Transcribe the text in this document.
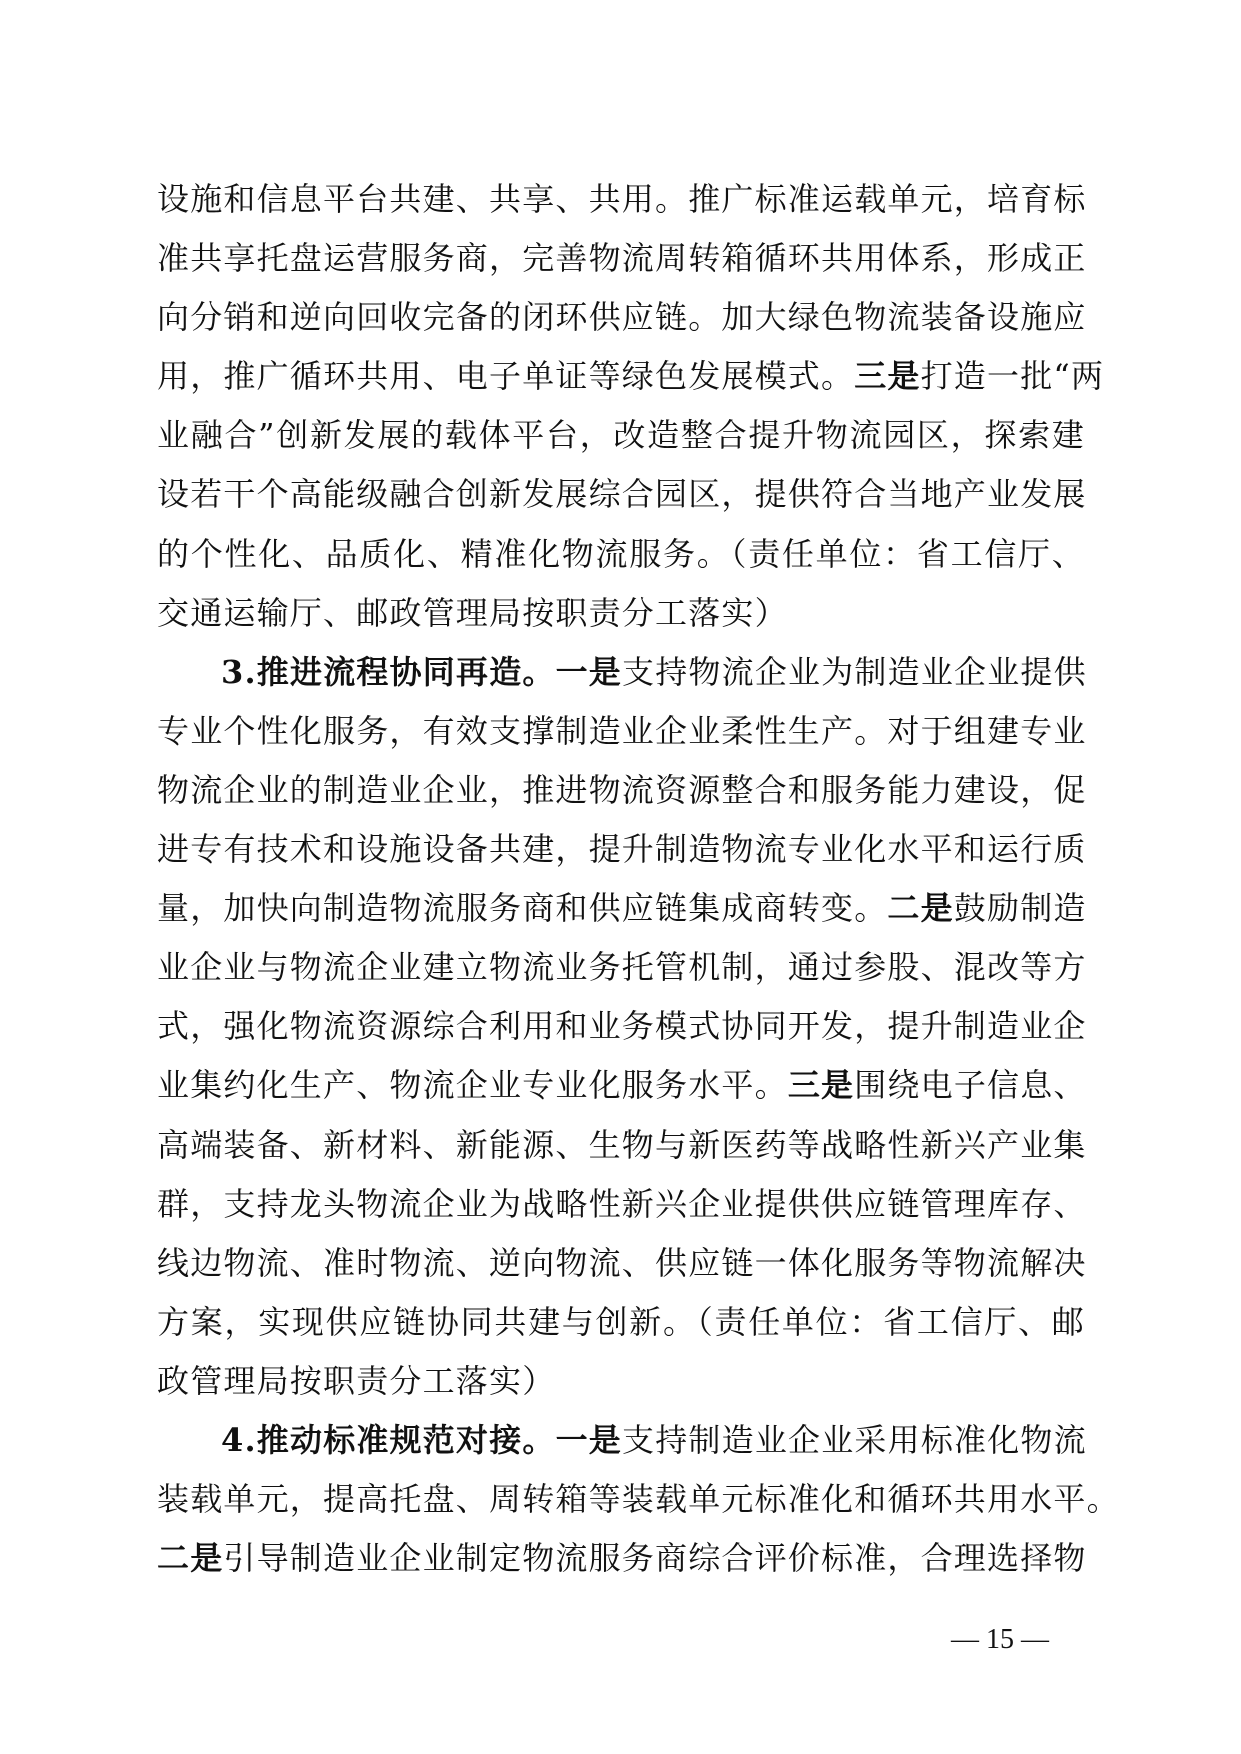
设施和信息平台共建、共享、共用。推广标准运载单元，培育标
准共享托盘运营服务商，完善物流周转箱循环共用体系，形成正
向分销和逆向回收完备的闭环供应链。加大绿色物流装备设施应
用，推广循环共用、电子单证等绿色发展模式。三是打造一批“两
业融合”创新发展的载体平台，改造整合提升物流园区，探索建
设若干个高能级融合创新发展综合园区，提供符合当地产业发展
的个性化、品质化、精准化物流服务。（责任单位：省工信厅、
交通运输厅、邮政管理局按职责分工落实）
3.推进流程协同再造。一是支持物流企业为制造业企业提供
专业个性化服务，有效支撑制造业企业柔性生产。对于组建专业
物流企业的制造业企业，推进物流资源整合和服务能力建设，促
进专有技术和设施设备共建，提升制造物流专业化水平和运行质
量，加快向制造物流服务商和供应链集成商转变。二是鼓励制造
业企业与物流企业建立物流业务托管机制，通过参股、混改等方
式，强化物流资源综合利用和业务模式协同开发，提升制造业企
业集约化生产、物流企业专业化服务水平。三是围绕电子信息、
高端装备、新材料、新能源、生物与新医药等战略性新兴产业集
群，支持龙头物流企业为战略性新兴企业提供供应链管理库存、
线边物流、准时物流、逆向物流、供应链一体化服务等物流解决
方案，实现供应链协同共建与创新。（责任单位：省工信厅、邮
政管理局按职责分工落实）
4.推动标准规范对接。一是支持制造业企业采用标准化物流
装载单元，提高托盘、周转箱等装载单元标准化和循环共用水平。
二是引导制造业企业制定物流服务商综合评价标准，合理选择物
— 15 —
